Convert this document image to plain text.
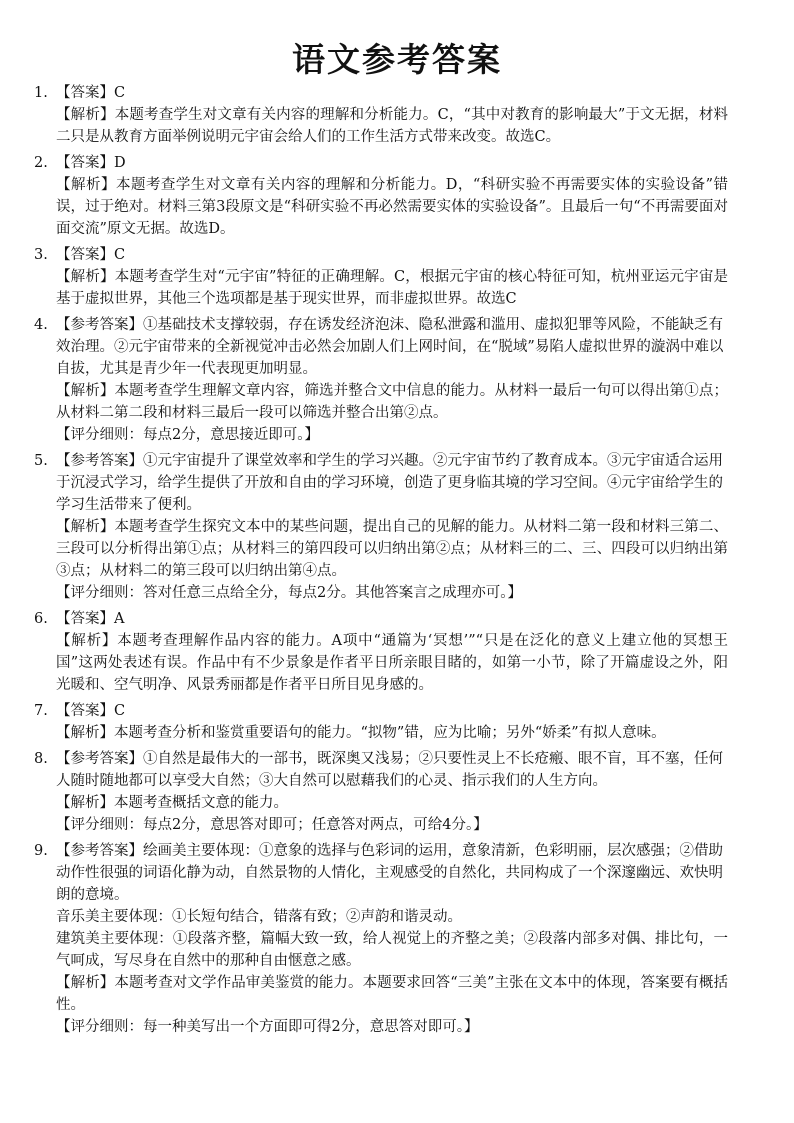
语文参考答案
1. 【答案】C
【解析】本题考查学生对文章有关内容的理解和分析能力。C，“其中对教育的影响最大”于文无据，材料二只是从教育方面举例说明元宇宙会给人们的工作生活方式带来改变。故选C。
2. 【答案】D
【解析】本题考查学生对文章有关内容的理解和分析能力。D，“科研实验不再需要实体的实验设备”错误，过于绝对。材料三第3段原文是“科研实验不再必然需要实体的实验设备”。且最后一句“不再需要面对面交流”原文无据。故选D。
3. 【答案】C
【解析】本题考查学生对“元宇宙”特征的正确理解。C，根据元宇宙的核心特征可知，杭州亚运元宇宙是基于虚拟世界，其他三个选项都是基于现实世界，而非虚拟世界。故选C
4. 【参考答案】①基础技术支撑较弱，存在诱发经济泡沫、隐私泄露和滥用、虚拟犯罪等风险，不能缺乏有效治理。②元宇宙带来的全新视觉冲击必然会加剧人们上网时间，在“脱域”易陷人虚拟世界的漩涡中难以自拔，尤其是青少年一代表现更加明显。
【解析】本题考查学生理解文章内容，筛选并整合文中信息的能力。从材料一最后一句可以得出第①点；从材料二第二段和材料三最后一段可以筛选并整合出第②点。
【评分细则：每点2分，意思接近即可。】
5. 【参考答案】①元宇宙提升了课堂效率和学生的学习兴趣。②元宇宙节约了教育成本。③元宇宙适合运用于沉浸式学习，给学生提供了开放和自由的学习环境，创造了更身临其境的学习空间。④元宇宙给学生的学习生活带来了便利。
【解析】本题考查学生探究文本中的某些问题，提出自己的见解的能力。从材料二第一段和材料三第二、三段可以分析得出第①点；从材料三的第四段可以归纳出第②点；从材料三的二、三、四段可以归纳出第③点；从材料二的第三段可以归纳出第④点。
【评分细则：答对任意三点给全分，每点2分。其他答案言之成理亦可。】
6. 【答案】A
【解析】本题考查理解作品内容的能力。A项中“通篇为‘冥想’”“只是在泛化的意义上建立他的冥想王国”这两处表述有误。作品中有不少景象是作者平日所亲眼目睹的，如第一小节，除了开篇虚设之外，阳光暖和、空气明净、风景秀丽都是作者平日所目见身感的。
7. 【答案】C
【解析】本题考查分析和鉴赏重要语句的能力。“拟物”错，应为比喻；另外“娇柔”有拟人意味。
8. 【参考答案】①自然是最伟大的一部书，既深奥又浅易；②只要性灵上不长疮瘢、眼不盲，耳不塞，任何人随时随地都可以享受大自然；③大自然可以慰藉我们的心灵、指示我们的人生方向。
【解析】本题考查概括文意的能力。
【评分细则：每点2分，意思答对即可；任意答对两点，可给4分。】
9. 【参考答案】绘画美主要体现：①意象的选择与色彩词的运用，意象清新，色彩明丽，层次感强；②借助动作性很强的词语化静为动，自然景物的人情化，主观感受的自然化，共同构成了一个深邃幽远、欢快明朗的意境。
音乐美主要体现：①长短句结合，错落有致；②声韵和谐灵动。
建筑美主要体现：①段落齐整，篇幅大致一致，给人视觉上的齐整之美；②段落内部多对偶、排比句，一气呵成，写尽身在自然中的那种自由惬意之感。
【解析】本题考查对文学作品审美鉴赏的能力。本题要求回答“三美”主张在文本中的体现，答案要有概括性。
【评分细则：每一种美写出一个方面即可得2分，意思答对即可。】
